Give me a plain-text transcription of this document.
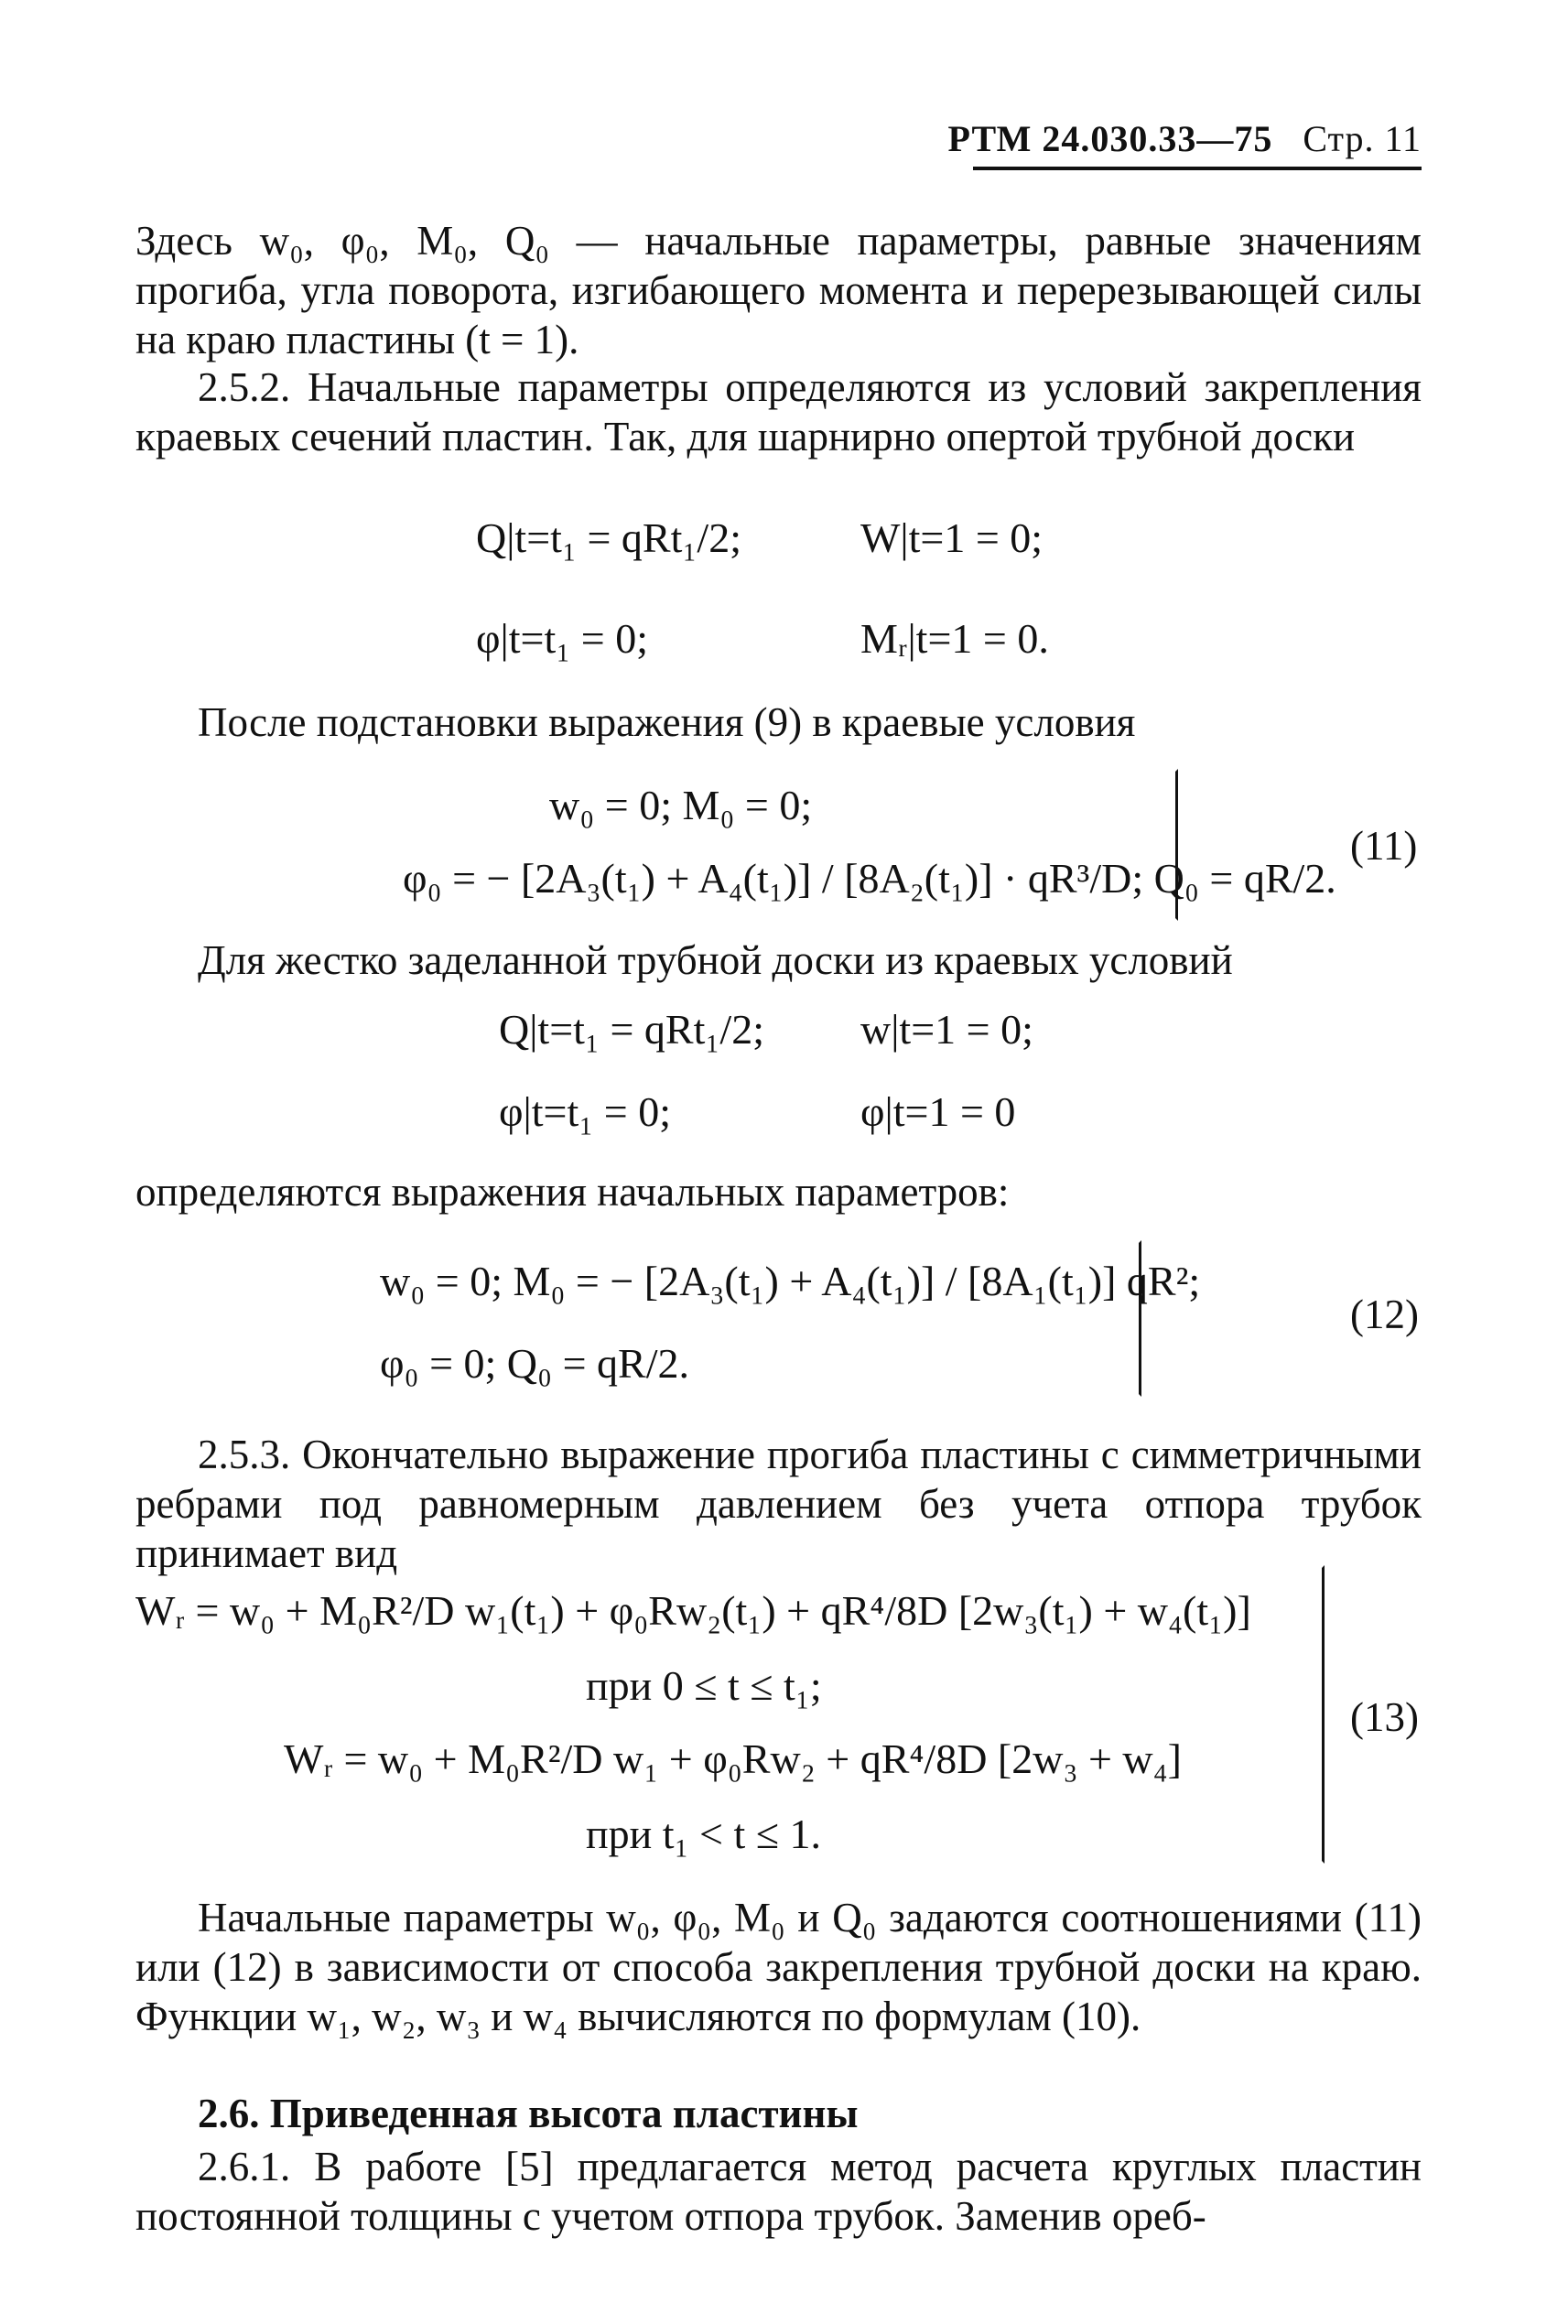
РТМ 24.030.33—75 Стр. 11
Здесь w₀, φ₀, M₀, Q₀ — начальные параметры, равные значениям прогиба, угла поворота, изгибающего момента и перерезывающей силы на краю пластины (t = 1).
2.5.2. Начальные параметры определяются из условий закрепления краевых сечений пластин. Так, для шарнирно опертой трубной доски
Q|t=t₁ = qRt₁/2;	W|t=1 = 0;
φ|t=t₁ = 0;	Mᵣ|t=1 = 0.
После подстановки выражения (9) в краевые условия
w₀ = 0; M₀ = 0;
φ₀ = − [2A₃(t₁) + A₄(t₁)] / [8A₂(t₁)] · qR³/D; Q₀ = qR/2.
(11)
Для жестко заделанной трубной доски из краевых условий
Q|t=t₁ = qRt₁/2; w|t=1 = 0;
φ|t=t₁ = 0;	φ|t=1 = 0
определяются выражения начальных параметров:
w₀ = 0; M₀ = − [2A₃(t₁) + A₄(t₁)] / [8A₁(t₁)] qR²;
φ₀ = 0; Q₀ = qR/2.
(12)
2.5.3. Окончательно выражение прогиба пластины с симметричными ребрами под равномерным давлением без учета отпора трубок принимает вид
Wᵣ = w₀ + M₀R²/D w₁(t₁) + φ₀Rw₂(t₁) + qR⁴/8D [2w₃(t₁) + w₄(t₁)]
при 0 ≤ t ≤ t₁;
Wᵣ = w₀ + M₀R²/D w₁ + φ₀Rw₂ + qR⁴/8D [2w₃ + w₄]
при t₁ < t ≤ 1.
(13)
Начальные параметры w₀, φ₀, M₀ и Q₀ задаются соотношениями (11) или (12) в зависимости от способа закрепления трубной доски на краю. Функции w₁, w₂, w₃ и w₄ вычисляются по формулам (10).
2.6. Приведенная высота пластины
2.6.1. В работе [5] предлагается метод расчета круглых пластин постоянной толщины с учетом отпора трубок. Заменив ореб-
